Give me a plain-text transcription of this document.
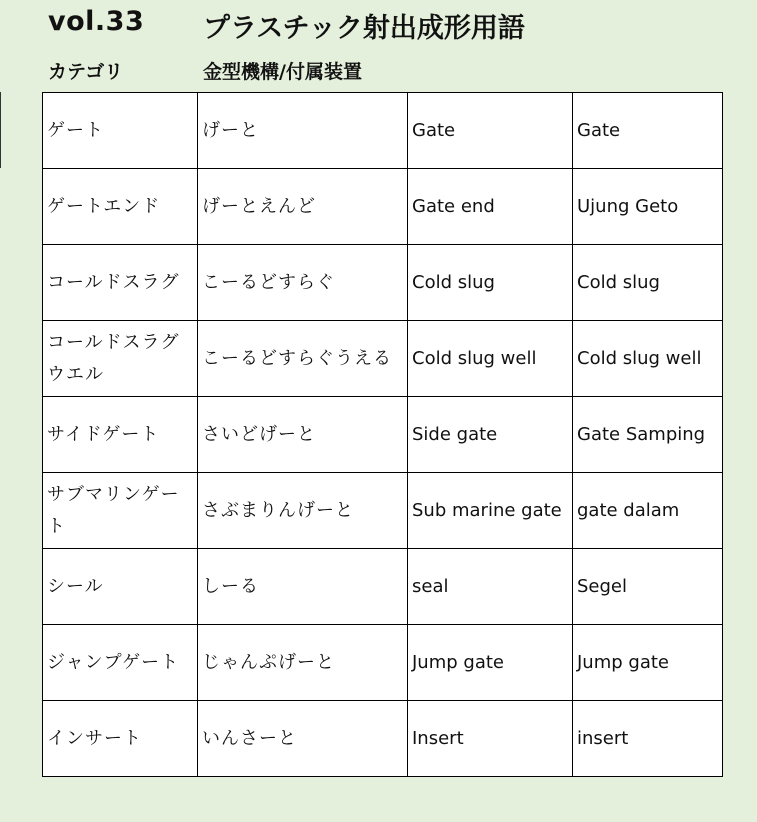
vol.33 プラスチック射出成形用語
カテゴリ	金型機構/付属装置
ゲート	げーと	Gate	Gate
ゲートエンド	げーとえんど	Gate end	Ujung Geto
コールドスラグ	こーるどすらぐ	Cold slug	Cold slug
コールドスラグウエル	こーるどすらぐうえる	Cold slug well	Cold slug well
サイドゲート	さいどげーと	Side gate	Gate Samping
サブマリンゲート	さぶまりんげーと	Sub marine gate	gate dalam
シール	しーる	seal	Segel
ジャンプゲート	じゃんぷげーと	Jump gate	Jump gate
インサート	いんさーと	Insert	insert
